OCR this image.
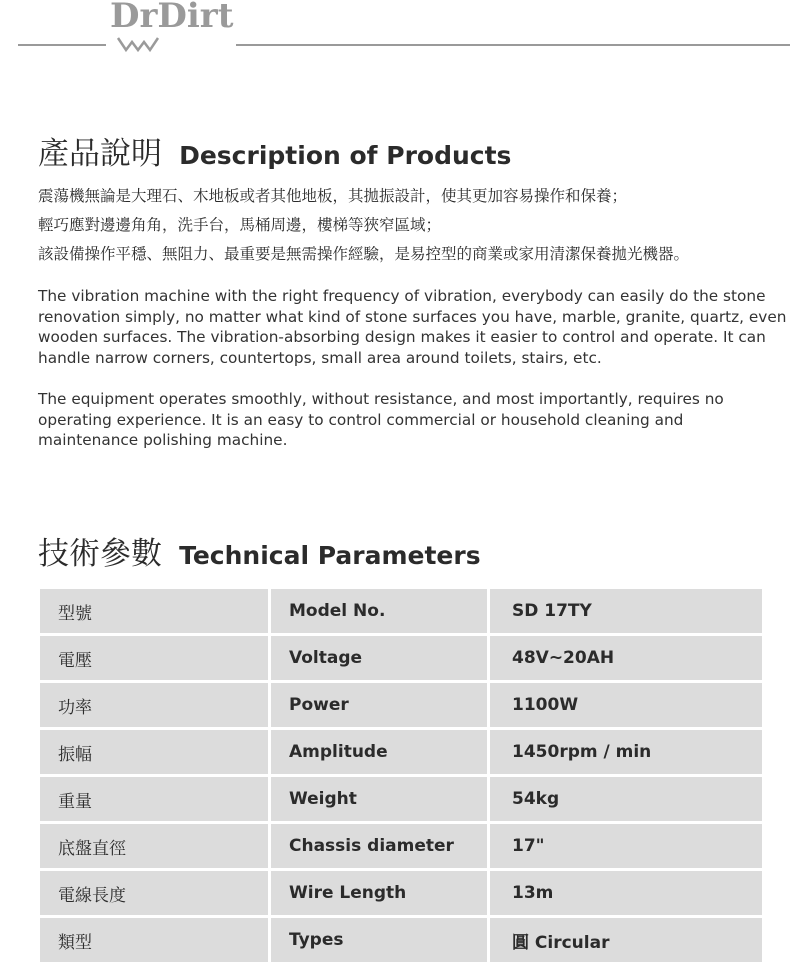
DrDirt
產品說明 Description of Products
震蕩機無論是大理石、木地板或者其他地板，其拋振設計，使其更加容易操作和保養；
輕巧應對邊邊角角，洗手台，馬桶周邊，樓梯等狹窄區域；
該設備操作平穩、無阻力、最重要是無需操作經驗，是易控型的商業或家用清潔保養拋光機器。
The vibration machine with the right frequency of vibration, everybody can easily do the stone renovation simply, no matter what kind of stone surfaces you have, marble, granite, quartz, even wooden surfaces. The vibration-absorbing design makes it easier to control and operate. It can handle narrow corners, countertops, small area around toilets, stairs, etc.
The equipment operates smoothly, without resistance, and most importantly, requires no operating experience. It is an easy to control commercial or household cleaning and maintenance polishing machine.
技術參數 Technical Parameters
型號	Model No.	SD 17TY
電壓	Voltage	48V~20AH
功率	Power	1100W
振幅	Amplitude	1450rpm / min
重量	Weight	54kg
底盤直徑	Chassis diameter	17"
電線長度	Wire Length	13m
類型	Types	圓 Circular
